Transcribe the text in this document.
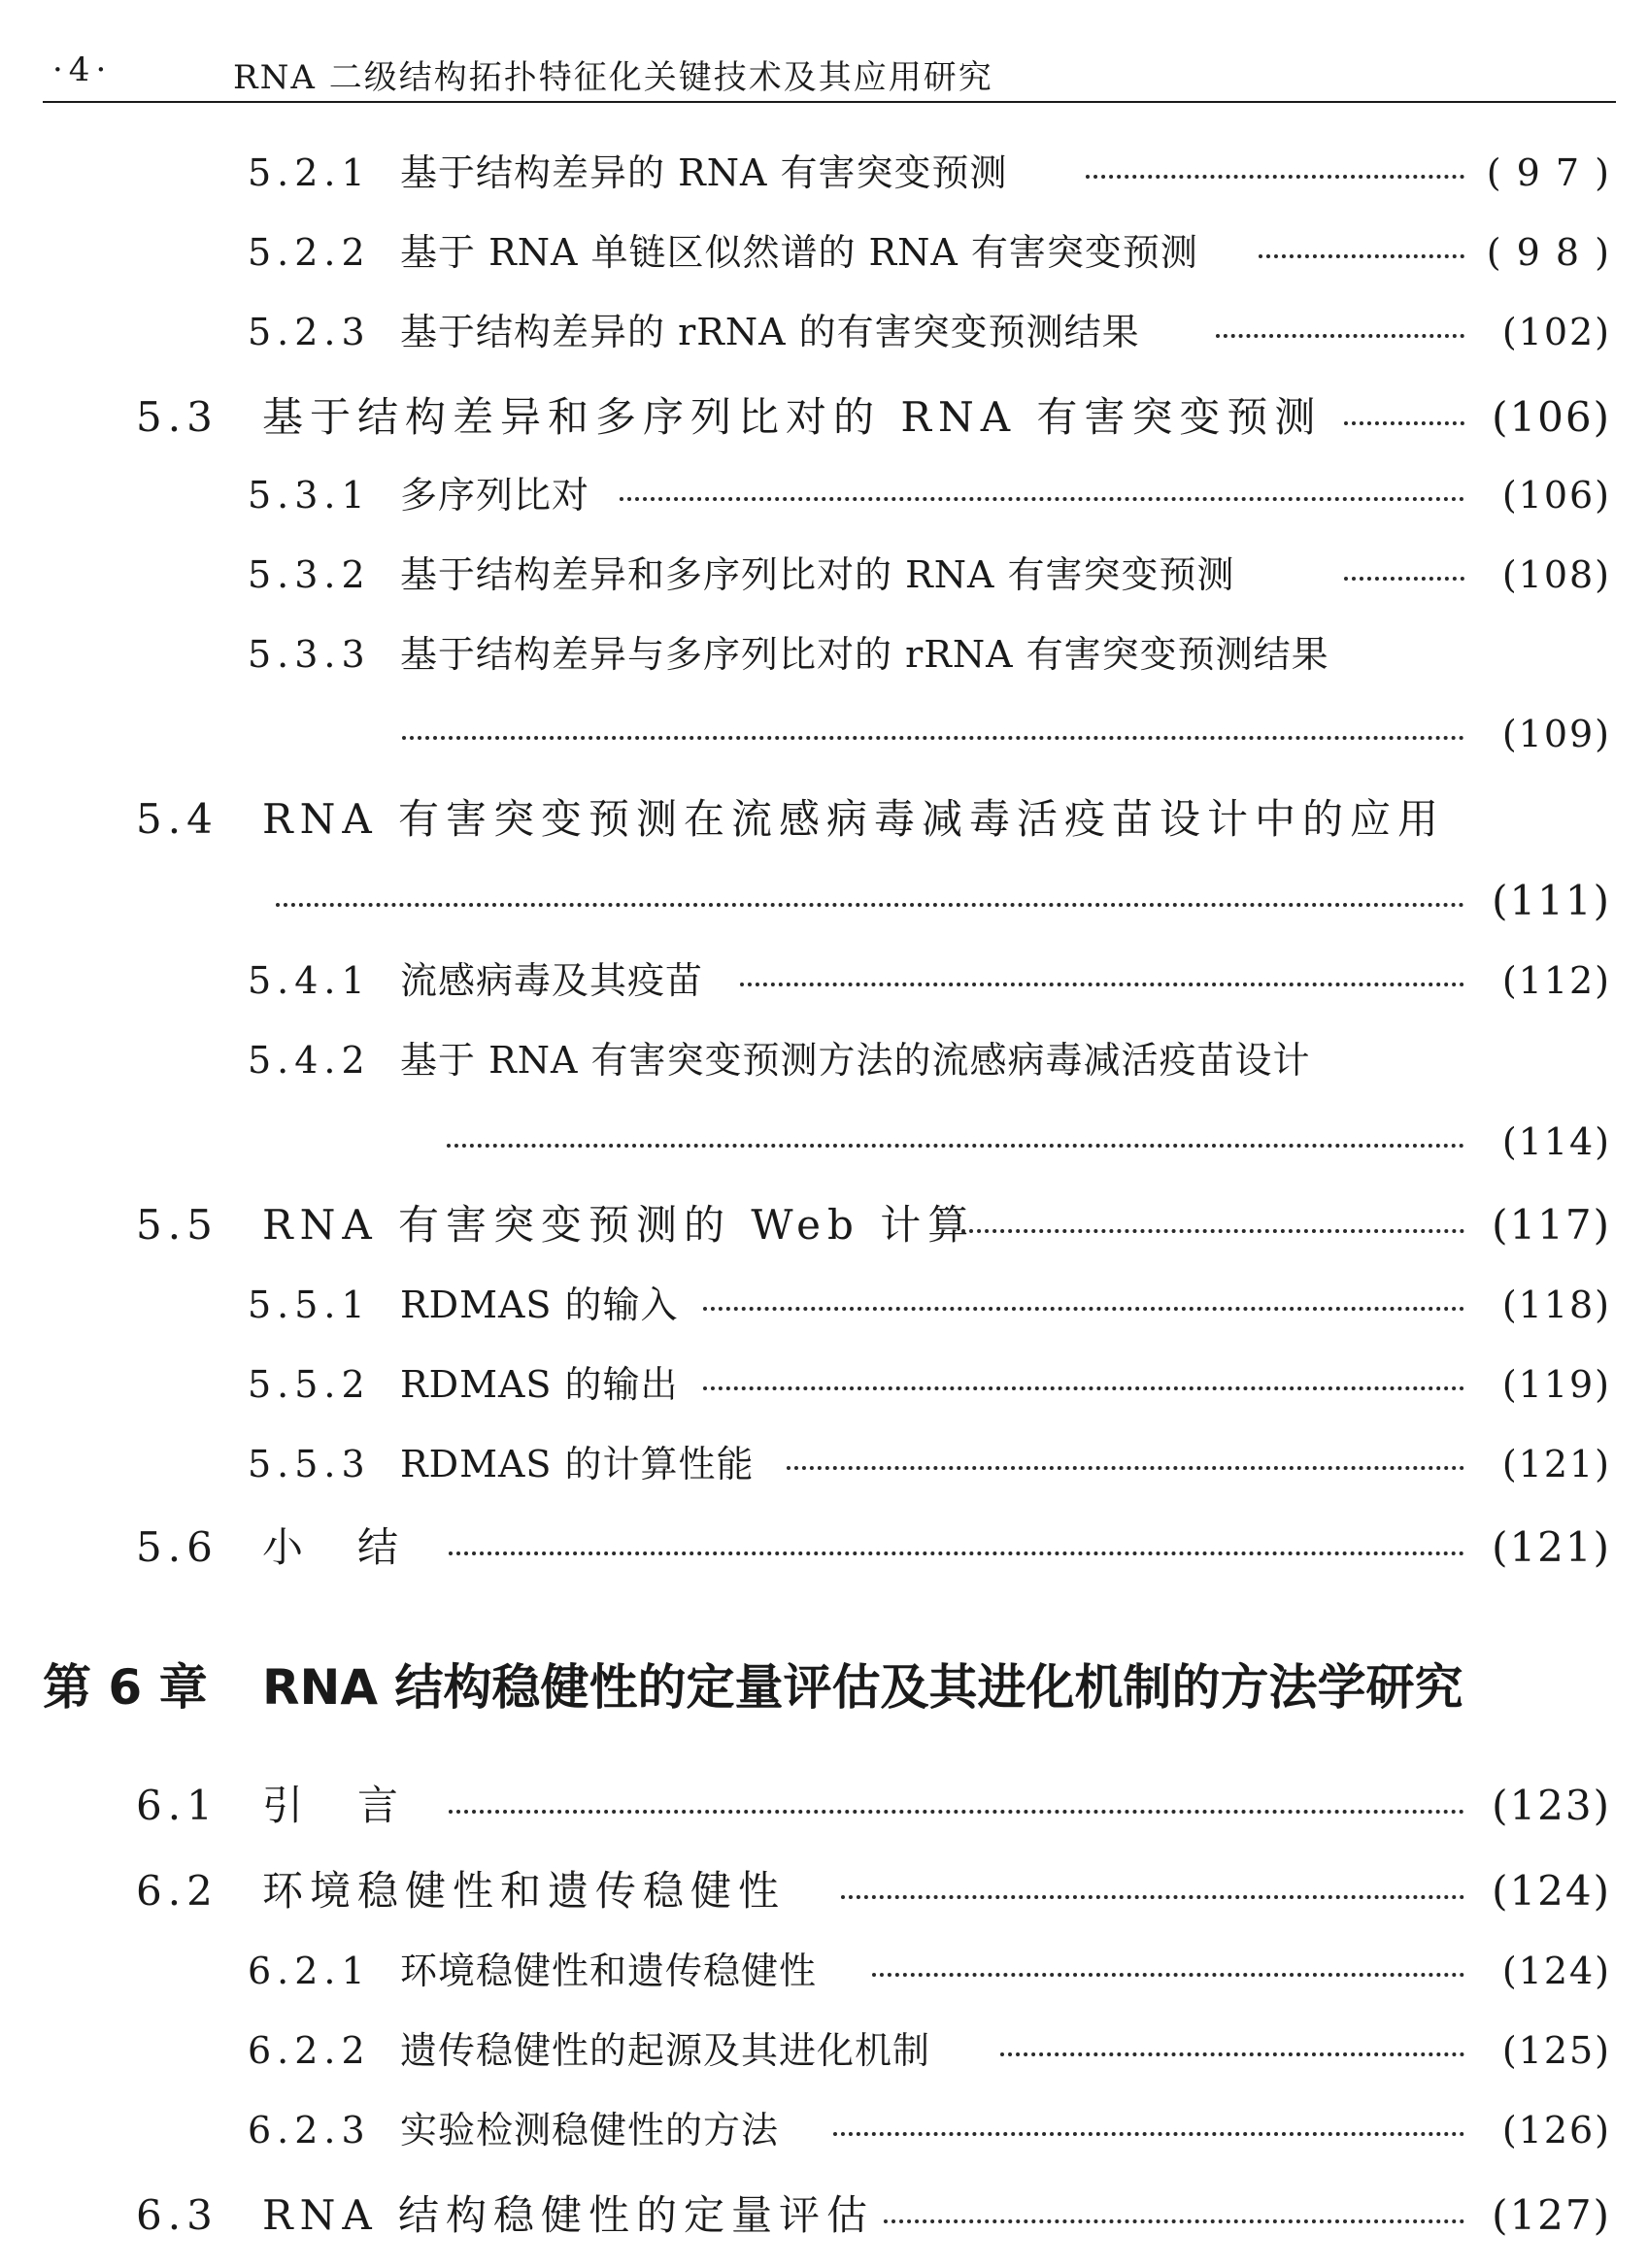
·4·	RNA 二级结构拓扑特征化关键技术及其应用研究
5.2.1 基于结构差异的 RNA 有害突变预测	( 9 7 )
5.2.2 基于 RNA 单链区似然谱的 RNA 有害突变预测	( 9 8 )
5.2.3 基于结构差异的 rRNA 的有害突变预测结果	(102)
5.3 基于结构差异和多序列比对的 RNA 有害突变预测	(106)
5.3.1 多序列比对	(106)
5.3.2 基于结构差异和多序列比对的 RNA 有害突变预测	(108)
5.3.3 基于结构差异与多序列比对的 rRNA 有害突变预测结果
(109)
5.4 RNA 有害突变预测在流感病毒减毒活疫苗设计中的应用
(111)
5.4.1 流感病毒及其疫苗	(112)
5.4.2 基于 RNA 有害突变预测方法的流感病毒减活疫苗设计
(114)
5.5 RNA 有害突变预测的 Web 计算	(117)
5.5.1 RDMAS 的输入	(118)
5.5.2 RDMAS 的输出	(119)
5.5.3 RDMAS 的计算性能	(121)
5.6 小　结	(121)
第 6 章 RNA 结构稳健性的定量评估及其进化机制的方法学研究
6.1 引　言	(123)
6.2 环境稳健性和遗传稳健性	(124)
6.2.1 环境稳健性和遗传稳健性	(124)
6.2.2 遗传稳健性的起源及其进化机制	(125)
6.2.3 实验检测稳健性的方法	(126)
6.3 RNA 结构稳健性的定量评估	(127)
